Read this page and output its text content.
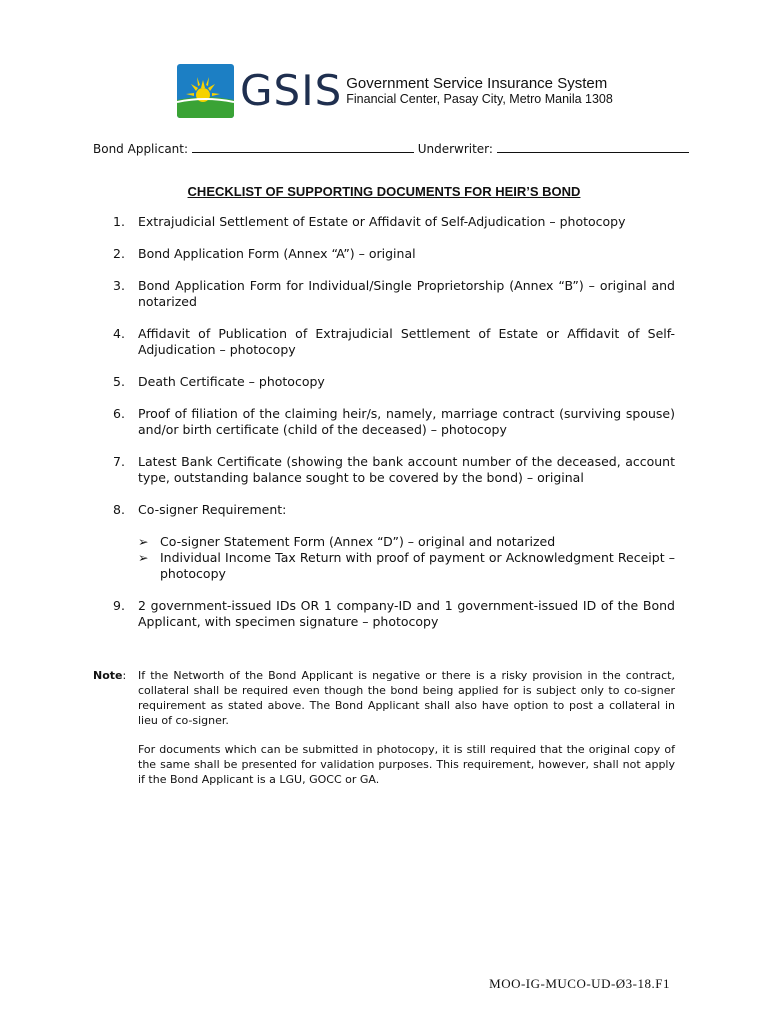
GSIS Government Service Insurance System
Financial Center, Pasay City, Metro Manila 1308
Bond Applicant:	Underwriter:
CHECKLIST OF SUPPORTING DOCUMENTS FOR HEIR’S BOND
1.	Extrajudicial Settlement of Estate or Affidavit of Self-Adjudication – photocopy
2.	Bond Application Form (Annex “A”) – original
3.	Bond Application Form for Individual/Single Proprietorship (Annex “B”) – original and notarized
4.	Affidavit of Publication of Extrajudicial Settlement of Estate or Affidavit of Self-Adjudication – photocopy
5.	Death Certificate – photocopy
6.	Proof of filiation of the claiming heir/s, namely, marriage contract (surviving spouse) and/or birth certificate (child of the deceased) – photocopy
7.	Latest Bank Certificate (showing the bank account number of the deceased, account type, outstanding balance sought to be covered by the bond) – original
8.	Co-signer Requirement:
➢ Co-signer Statement Form (Annex “D”) – original and notarized
➢ Individual Income Tax Return with proof of payment or Acknowledgment Receipt – photocopy
9.	2 government-issued IDs OR 1 company-ID and 1 government-issued ID of the Bond Applicant, with specimen signature – photocopy
Note:	If the Networth of the Bond Applicant is negative or there is a risky provision in the contract, collateral shall be required even though the bond being applied for is subject only to co-signer requirement as stated above. The Bond Applicant shall also have option to post a collateral in lieu of co-signer.
For documents which can be submitted in photocopy, it is still required that the original copy of the same shall be presented for validation purposes. This requirement, however, shall not apply if the Bond Applicant is a LGU, GOCC or GA.
MOO-IG-MUCO-UD-Ø3-18.F1
